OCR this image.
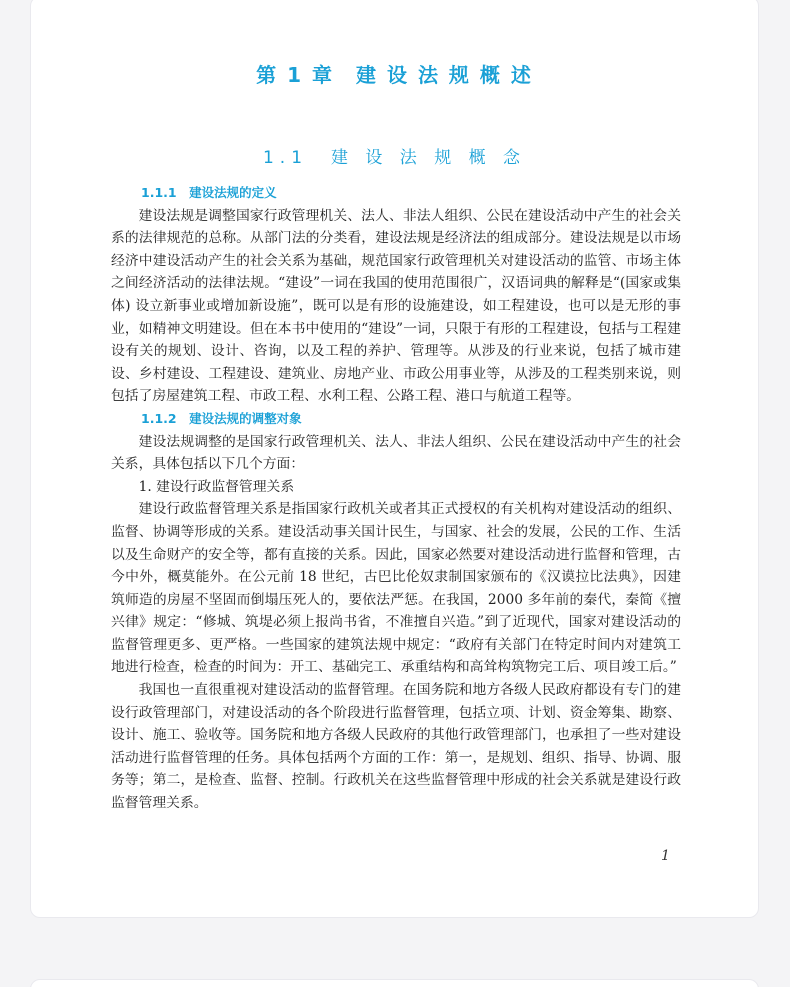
第 1 章　建 设 法 规 概 述
1.1　建 设 法 规 概 念
1.1.1　建设法规的定义

建设法规是调整国家行政管理机关、法人、非法人组织、公民在建设活动中产生的社会关系的法律规范的总称。从部门法的分类看，建设法规是经济法的组成部分。建设法规是以市场经济中建设活动产生的社会关系为基础，规范国家行政管理机关对建设活动的监管、市场主体之间经济活动的法律法规。“建设”一词在我国的使用范围很广，汉语词典的解释是“(国家或集体) 设立新事业或增加新设施”，既可以是有形的设施建设，如工程建设，也可以是无形的事业，如精神文明建设。但在本书中使用的“建设”一词，只限于有形的工程建设，包括与工程建设有关的规划、设计、咨询，以及工程的养护、管理等。从涉及的行业来说，包括了城市建设、乡村建设、工程建设、建筑业、房地产业、市政公用事业等，从涉及的工程类别来说，则包括了房屋建筑工程、市政工程、水利工程、公路工程、港口与航道工程等。

1.1.2　建设法规的调整对象

建设法规调整的是国家行政管理机关、法人、非法人组织、公民在建设活动中产生的社会关系，具体包括以下几个方面：

1. 建设行政监督管理关系

建设行政监督管理关系是指国家行政机关或者其正式授权的有关机构对建设活动的组织、监督、协调等形成的关系。建设活动事关国计民生，与国家、社会的发展，公民的工作、生活以及生命财产的安全等，都有直接的关系。因此，国家必然要对建设活动进行监督和管理，古今中外，概莫能外。在公元前 18 世纪，古巴比伦奴隶制国家颁布的《汉谟拉比法典》，因建筑师造的房屋不坚固而倒塌压死人的，要依法严惩。在我国，2000 多年前的秦代，秦简《擅兴律》规定：“修城、筑堤必须上报尚书省，不准擅自兴造。”到了近现代，国家对建设活动的监督管理更多、更严格。一些国家的建筑法规中规定：“政府有关部门在特定时间内对建筑工地进行检查，检查的时间为：开工、基础完工、承重结构和高耸构筑物完工后、项目竣工后。”

我国也一直很重视对建设活动的监督管理。在国务院和地方各级人民政府都设有专门的建设行政管理部门，对建设活动的各个阶段进行监督管理，包括立项、计划、资金筹集、勘察、设计、施工、验收等。国务院和地方各级人民政府的其他行政管理部门，也承担了一些对建设活动进行监督管理的任务。具体包括两个方面的工作：第一，是规划、组织、指导、协调、服务等；第二，是检查、监督、控制。行政机关在这些监督管理中形成的社会关系就是建设行政监督管理关系。

1
